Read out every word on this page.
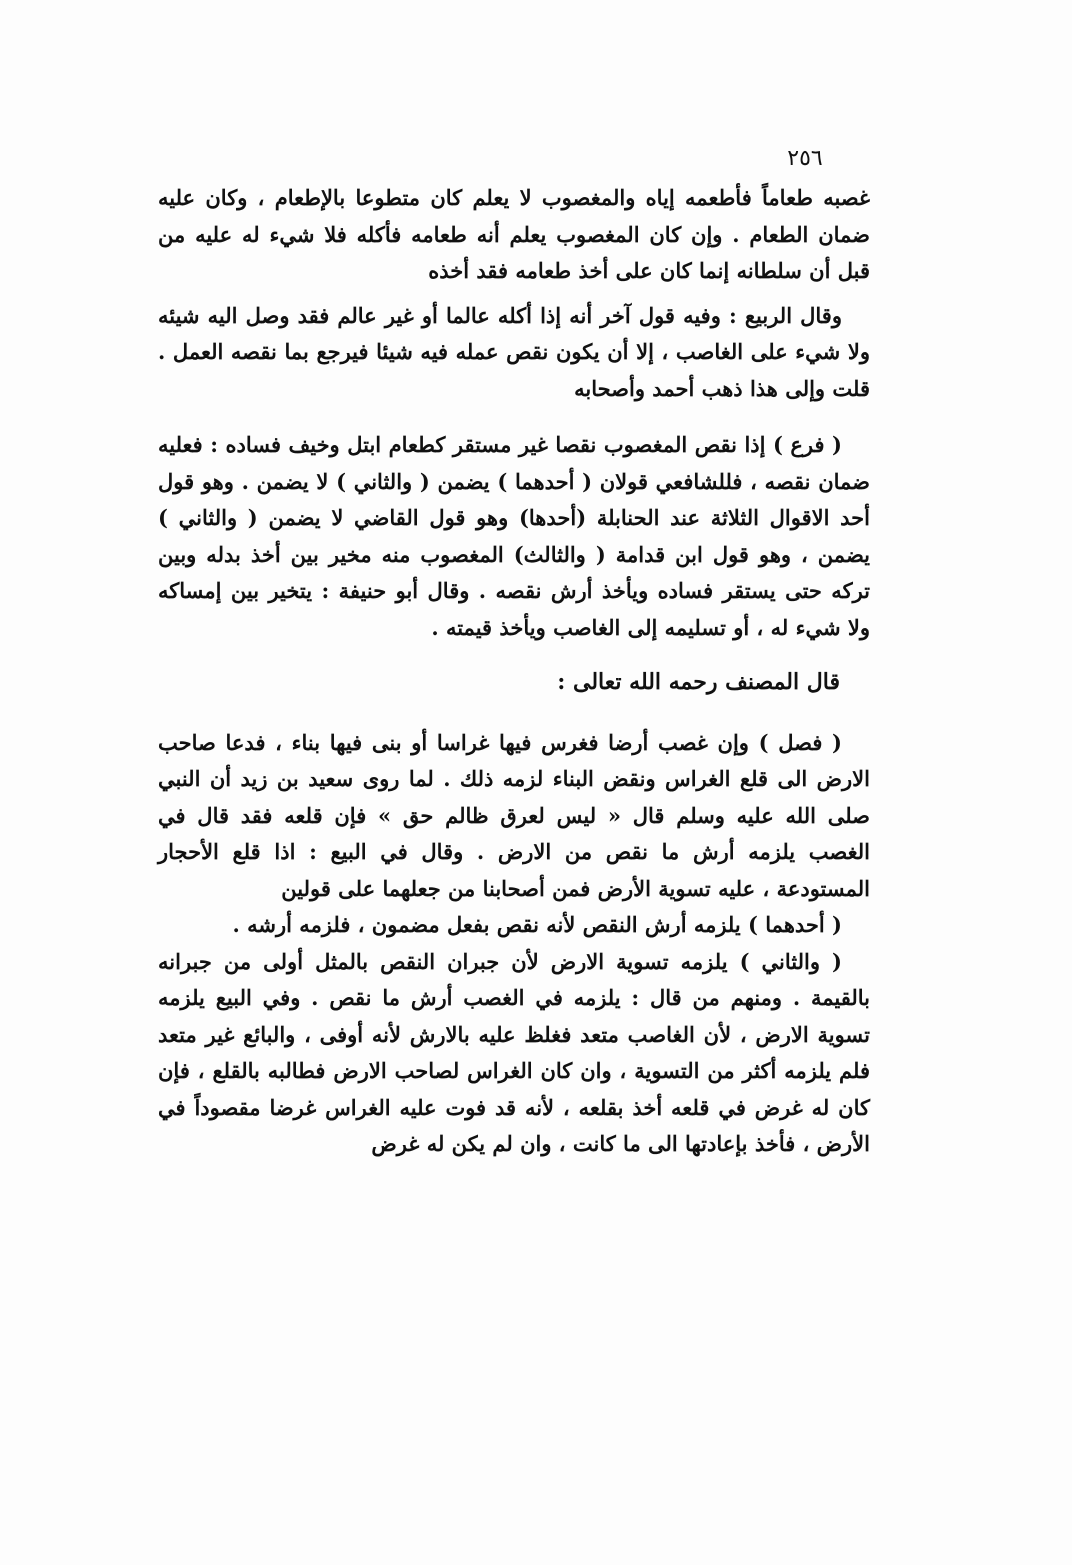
٢٥٦

غصبه طعاماً فأطعمه إياه والمغصوب لا يعلم كان متطوعا بالإطعام ، وكان عليه ضمان الطعام . وإن كان المغصوب يعلم أنه طعامه فأكله فلا شيء له عليه من قبل أن سلطانه إنما كان على أخذ طعامه فقد أخذه

وقال الربيع : وفيه قول آخر أنه إذا أكله عالما أو غير عالم فقد وصل اليه شيئه ولا شيء على الغاصب ، إلا أن يكون نقص عمله فيه شيئا فيرجع بما نقصه العمل . قلت وإلى هذا ذهب أحمد وأصحابه

( فرع ) إذا نقص المغصوب نقصا غير مستقر كطعام ابتل وخيف فساده : فعليه ضمان نقصه ، فللشافعي قولان ( أحدهما ) يضمن ( والثاني ) لا يضمن . وهو قول أحد الاقوال الثلاثة عند الحنابلة (أحدها) وهو قول القاضي لا يضمن ( والثاني ) يضمن ، وهو قول ابن قدامة ( والثالث) المغصوب منه مخير بين أخذ بدله وبين تركه حتى يستقر فساده ويأخذ أرش نقصه . وقال أبو حنيفة : يتخير بين إمساكه ولا شيء له ، أو تسليمه إلى الغاصب ويأخذ قيمته .

قال المصنف رحمه الله تعالى :

( فصل ) وإن غصب أرضا فغرس فيها غراسا أو بنى فيها بناء ، فدعا صاحب الارض الى قلع الغراس ونقض البناء لزمه ذلك . لما روى سعيد بن زيد أن النبي صلى الله عليه وسلم قال « ليس لعرق ظالم حق » فإن قلعه فقد قال في الغصب يلزمه أرش ما نقص من الارض . وقال في البيع : اذا قلع الأحجار المستودعة ، عليه تسوية الأرض فمن أصحابنا من جعلهما على قولين

( أحدهما ) يلزمه أرش النقص لأنه نقص بفعل مضمون ، فلزمه أرشه .

( والثاني ) يلزمه تسوية الارض لأن جبران النقص بالمثل أولى من جبرانه بالقيمة . ومنهم من قال : يلزمه في الغصب أرش ما نقص . وفي البيع يلزمه تسوية الارض ، لأن الغاصب متعد فغلظ عليه بالارش لأنه أوفى ، والبائع غير متعد فلم يلزمه أكثر من التسوية ، وان كان الغراس لصاحب الارض فطالبه بالقلع ، فإن كان له غرض في قلعه أخذ بقلعه ، لأنه قد فوت عليه الغراس غرضا مقصوداً في الأرض ، فأخذ بإعادتها الى ما كانت ، وان لم يكن له غرض
